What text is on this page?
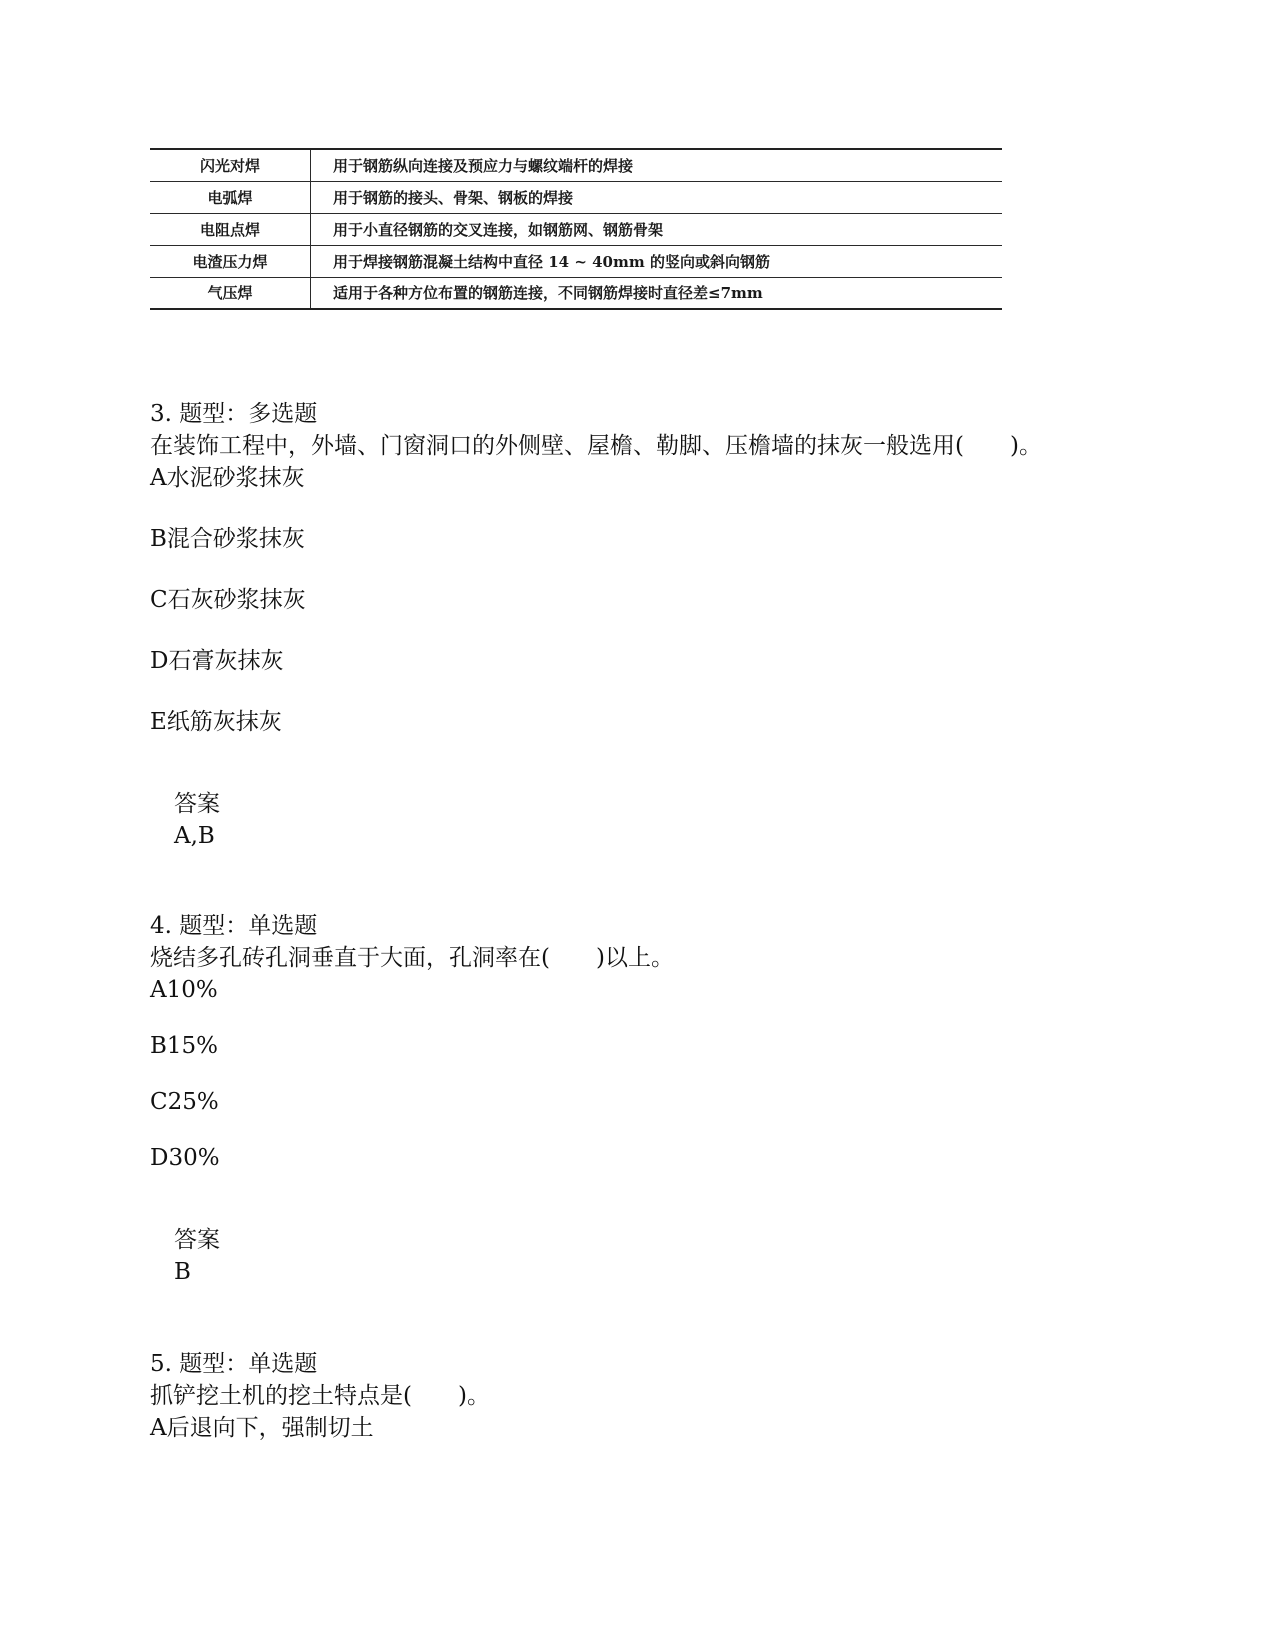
闪光对焊	用于钢筋纵向连接及预应力与螺纹端杆的焊接
电弧焊	用于钢筋的接头、骨架、钢板的焊接
电阻点焊	用于小直径钢筋的交叉连接，如钢筋网、钢筋骨架
电渣压力焊	用于焊接钢筋混凝土结构中直径 14 ~ 40mm 的竖向或斜向钢筋
气压焊	适用于各种方位布置的钢筋连接，不同钢筋焊接时直径差≤7mm
3. 题型：多选题
在装饰工程中，外墙、门窗洞口的外侧壁、屋檐、勒脚、压檐墙的抹灰一般选用(　　)。
A水泥砂浆抹灰
B混合砂浆抹灰
C石灰砂浆抹灰
D石膏灰抹灰
E纸筋灰抹灰
答案
A,B
4. 题型：单选题
烧结多孔砖孔洞垂直于大面，孔洞率在(　　)以上。
A10%
B15%
C25%
D30%
答案
B
5. 题型：单选题
抓铲挖土机的挖土特点是(　　)。
A后退向下，强制切土
